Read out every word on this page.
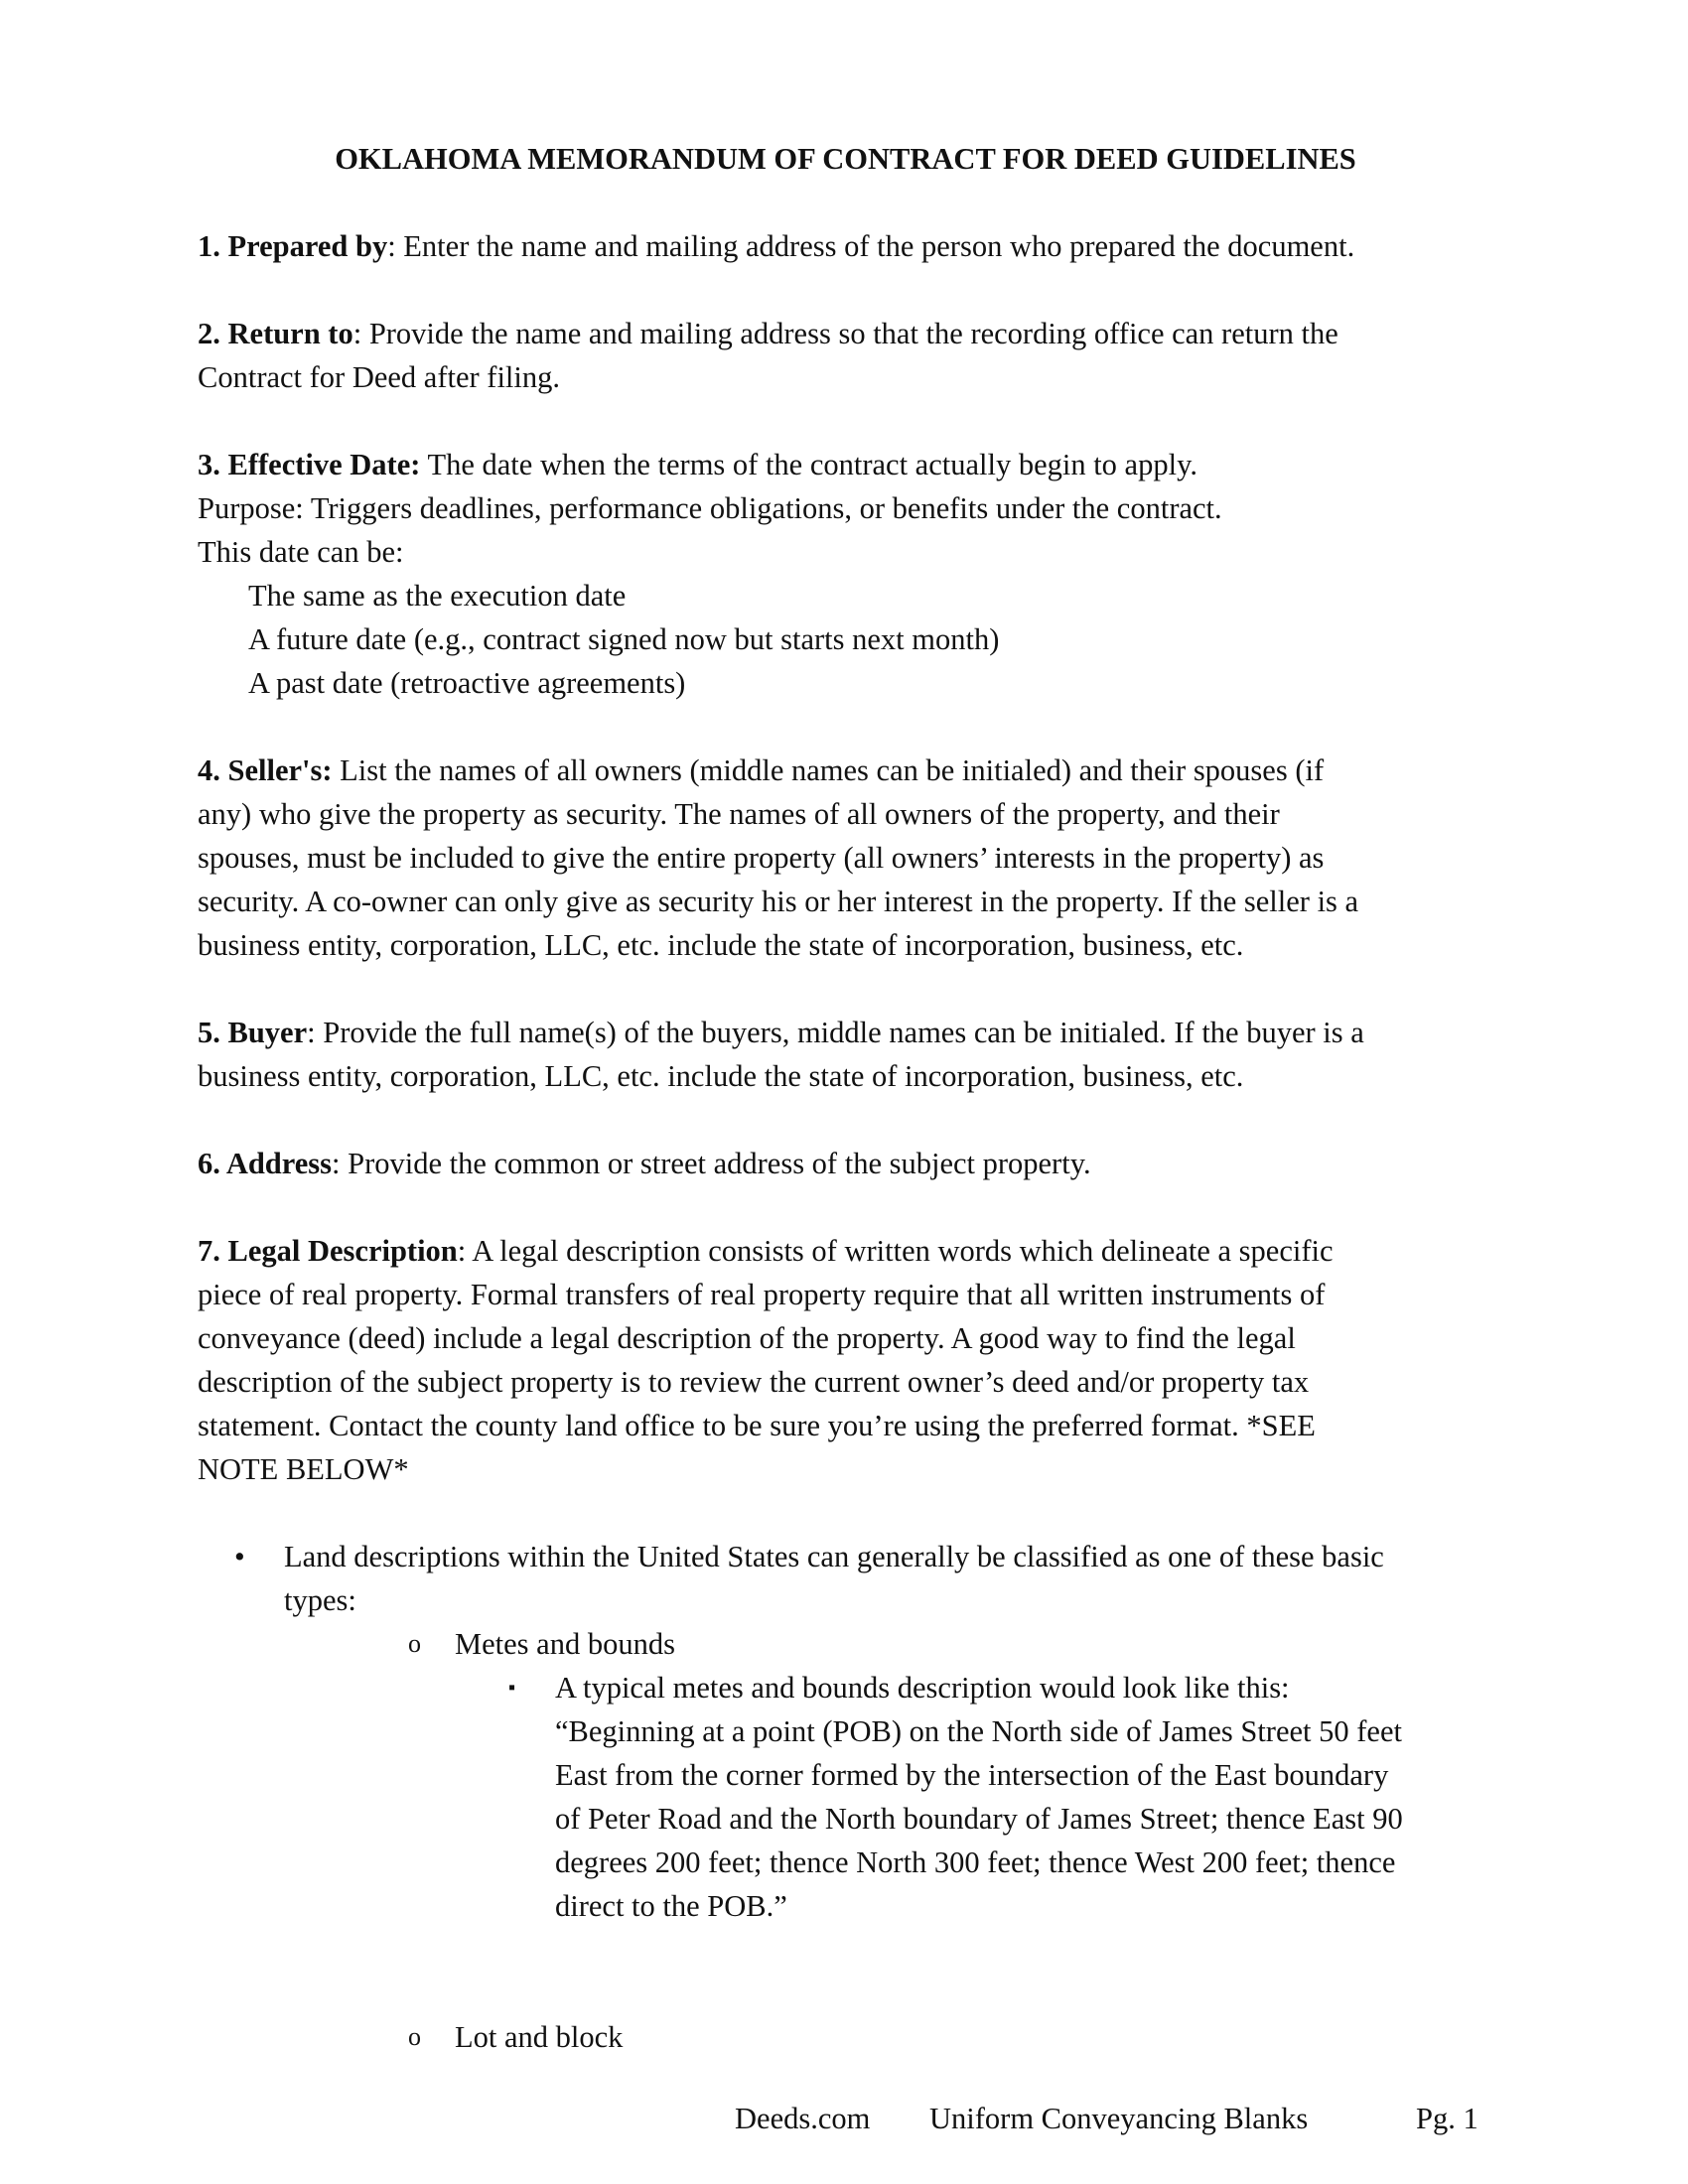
OKLAHOMA MEMORANDUM OF CONTRACT FOR DEED GUIDELINES
1. Prepared by: Enter the name and mailing address of the person who prepared the document.
2. Return to: Provide the name and mailing address so that the recording office can return the
Contract for Deed after filing.
3. Effective Date: The date when the terms of the contract actually begin to apply.
Purpose: Triggers deadlines, performance obligations, or benefits under the contract.
This date can be:
The same as the execution date
A future date (e.g., contract signed now but starts next month)
A past date (retroactive agreements)
4. Seller's: List the names of all owners (middle names can be initialed) and their spouses (if
any) who give the property as security. The names of all owners of the property, and their
spouses, must be included to give the entire property (all owners’ interests in the property) as
security. A co-owner can only give as security his or her interest in the property. If the seller is a
business entity, corporation, LLC, etc. include the state of incorporation, business, etc.
5. Buyer: Provide the full name(s) of the buyers, middle names can be initialed. If the buyer is a
business entity, corporation, LLC, etc. include the state of incorporation, business, etc.
6. Address: Provide the common or street address of the subject property.
7. Legal Description: A legal description consists of written words which delineate a specific
piece of real property. Formal transfers of real property require that all written instruments of
conveyance (deed) include a legal description of the property. A good way to find the legal
description of the subject property is to review the current owner’s deed and/or property tax
statement. Contact the county land office to be sure you’re using the preferred format. *SEE
NOTE BELOW*
• Land descriptions within the United States can generally be classified as one of these basic
types:
o Metes and bounds
▪ A typical metes and bounds description would look like this:
“Beginning at a point (POB) on the North side of James Street 50 feet
East from the corner formed by the intersection of the East boundary
of Peter Road and the North boundary of James Street; thence East 90
degrees 200 feet; thence North 300 feet; thence West 200 feet; thence
direct to the POB.”
o Lot and block
Deeds.com Uniform Conveyancing Blanks	Pg. 1
